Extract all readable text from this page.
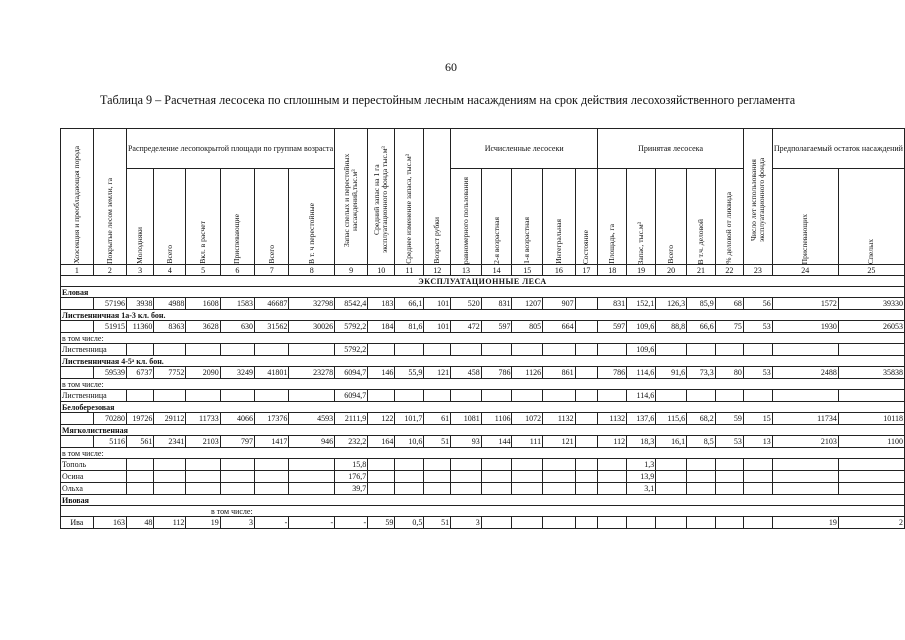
60
Таблица 9 – Расчетная лесосека по сплошным и перестойным лесным насаждениям на срок действия лесохозяйственного регламента
Хозсекция и преобладающая порода	Покрытые лесом земли, га	Распределение лесопокрытой площади по группам возраста						Запас спелых и перестойных насаждений,тыс.м³	Средний запас на 1 га эксплуатационного фонда тыс.м³	Среднее изменение запаса, тыс.м³	Возраст рубки	Исчисленные лесосеки					Принятая лесосека					Число лет использования эксплуатационного фонда	Предполагаемый остаток насаждений	

		Молодняки	Всего	Вкл. в расчет	Приспевающие	Всего	В т. ч перестойные					равномерного пользования	2-я возрастная	1-я возрастная	Интегральная	Состояние	Площадь, га	Запас, тыс.м³	Всего	В т.ч. деловой	% деловой от ликвида		Приспевающих	Спелых

1	2	3	4	5	6	7	8	9	10	11	12	13	14	15	16	17	18	19	20	21	22	23	24	25
ЭКСПЛУАТАЦИОННЫЕ ЛЕСА																								
Еловая																								
	57196	3938	4988	1608	1583	46687	32798	8542,4	183	66,1	101	520	831	1207	907		831	152,1	126,3	85,9	68	56	1572	39330
Лиственничная 1а-3 кл. бон.																								
	51915	11360	8363	3628	630	31562	30026	5792,2	184	81,6	101	472	597	805	664		597	109,6	88,8	66,6	75	53	1930	26053
в том числе:																								
Лиственница								5792,2										109,6						
Лиственничная 4-5ᵃ кл. бон.																								
	59539	6737	7752	2090	3249	41801	23278	6094,7	146	55,9	121	458	786	1126	861		786	114,6	91,6	73,3	80	53	2488	35838
в том числе:																								
Лиственница								6094,7										114,6						
Белоберезовая																								
	70280	19726	29112	11733	4066	17376	4593	2111,9	122	101,7	61	1081	1106	1072	1132		1132	137,6	115,6	68,2	59	15	11734	10118
Мягколиственная																								
	5116	561	2341	2103	797	1417	946	232,2	164	10,6	51	93	144	111	121		112	18,3	16,1	8,5	53	13	2103	1100
в том числе:																								
Тополь								15,8										1,3						
Осина								176,7										13,9						
Ольха								39,7										3,1						
Ивовая																								
в том числе:																								
Ива	163	48	112	19	3	-	-	-	59	0,5	51	3											19	2
